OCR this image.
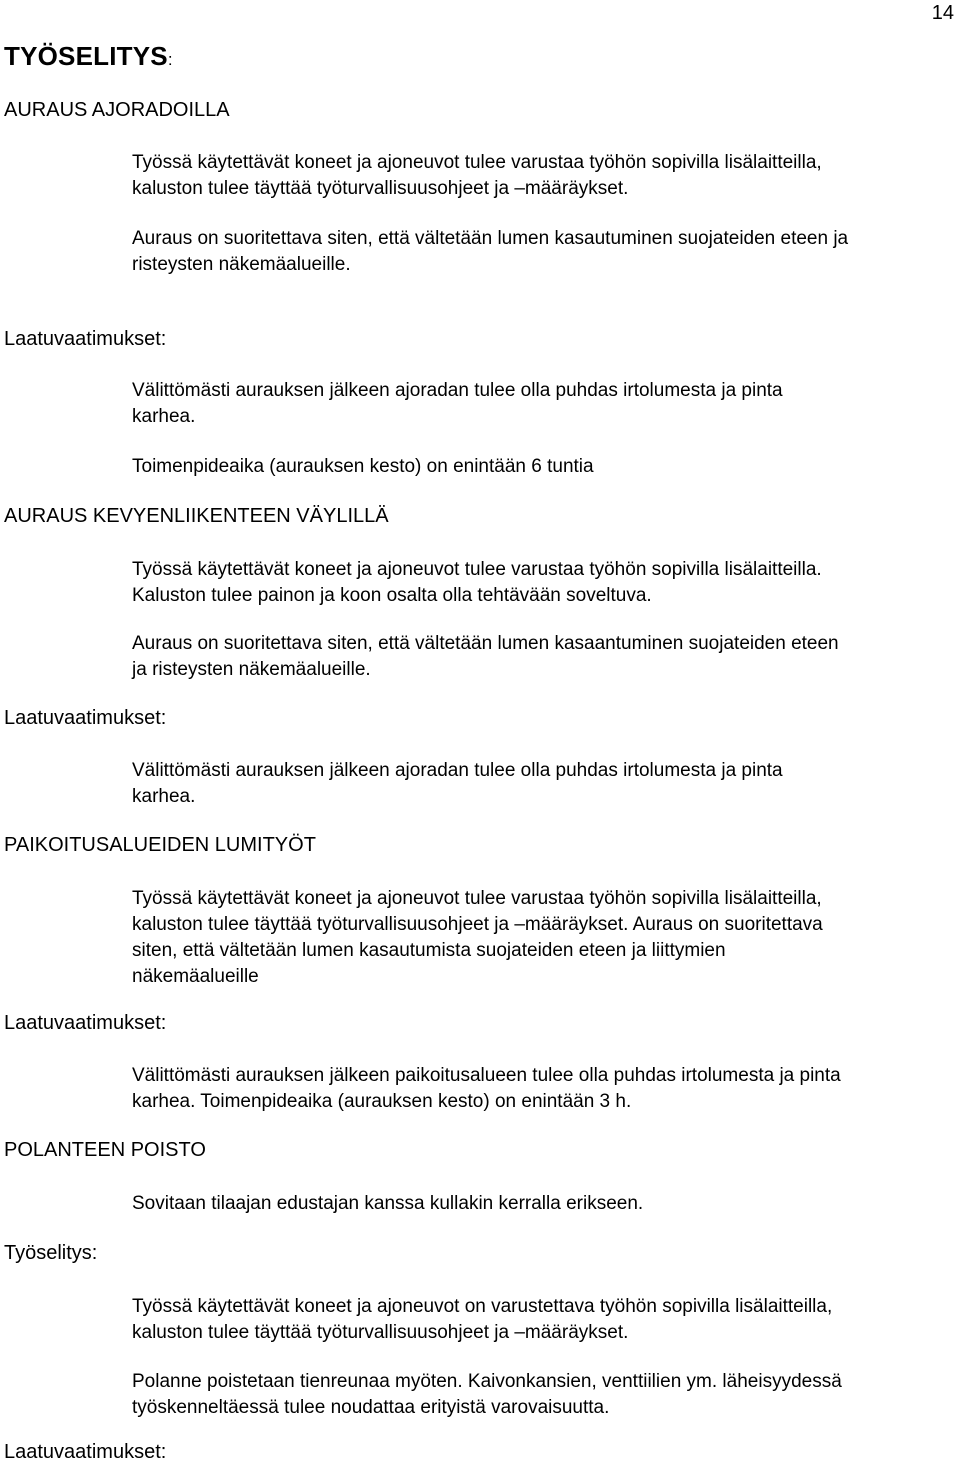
14
TYÖSELITYS:
AURAUS AJORADOILLA
Työssä käytettävät koneet ja ajoneuvot tulee varustaa työhön sopivilla lisälaitteilla,
kaluston tulee täyttää työturvallisuusohjeet ja –määräykset.
Auraus on suoritettava siten, että vältetään lumen kasautuminen suojateiden eteen ja
risteysten näkemäalueille.
Laatuvaatimukset:
Välittömästi aurauksen jälkeen ajoradan tulee olla puhdas irtolumesta ja pinta
karhea.
Toimenpideaika (aurauksen kesto) on enintään 6 tuntia
AURAUS KEVYENLIIKENTEEN VÄYLILLÄ
Työssä käytettävät koneet ja ajoneuvot tulee varustaa työhön sopivilla lisälaitteilla.
Kaluston tulee painon ja koon osalta olla tehtävään soveltuva.
Auraus on suoritettava siten, että vältetään lumen kasaantuminen suojateiden eteen
ja risteysten näkemäalueille.
Laatuvaatimukset:
Välittömästi aurauksen jälkeen ajoradan tulee olla puhdas irtolumesta ja pinta
karhea.
PAIKOITUSALUEIDEN LUMITYÖT
Työssä käytettävät koneet ja ajoneuvot tulee varustaa työhön sopivilla lisälaitteilla,
kaluston tulee täyttää työturvallisuusohjeet ja –määräykset. Auraus on suoritettava
siten, että vältetään lumen kasautumista suojateiden eteen ja liittymien
näkemäalueille
Laatuvaatimukset:
Välittömästi aurauksen jälkeen paikoitusalueen tulee olla puhdas irtolumesta ja pinta
karhea. Toimenpideaika (aurauksen kesto) on enintään 3 h.
POLANTEEN POISTO
Sovitaan tilaajan edustajan kanssa kullakin kerralla erikseen.
Työselitys:
Työssä käytettävät koneet ja ajoneuvot on varustettava työhön sopivilla lisälaitteilla,
kaluston tulee täyttää työturvallisuusohjeet ja –määräykset.
Polanne poistetaan tienreunaa myöten. Kaivonkansien, venttiilien ym. läheisyydessä
työskenneltäessä tulee noudattaa erityistä varovaisuutta.
Laatuvaatimukset:
